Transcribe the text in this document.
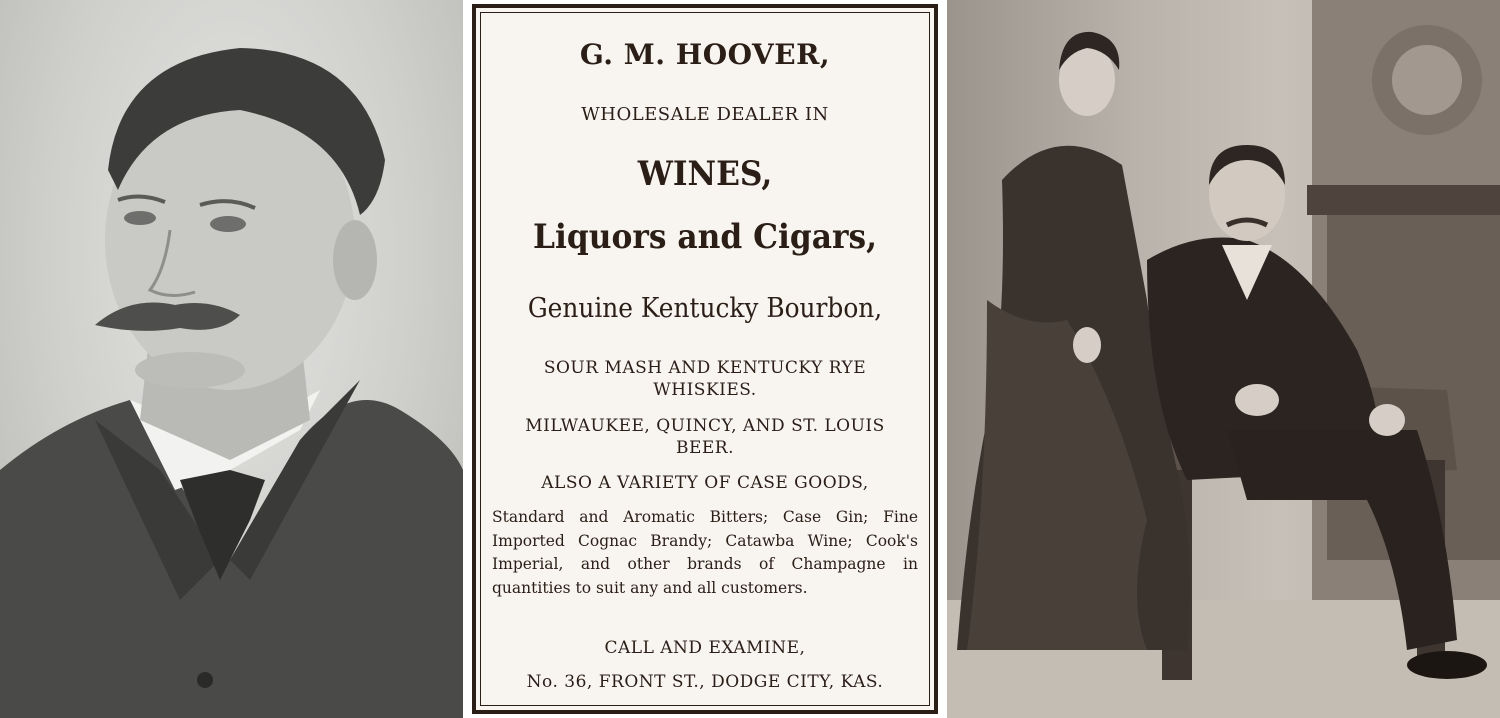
G. M. HOOVER,
WHOLESALE DEALER IN
WINES,
Liquors and Cigars,
Genuine Kentucky Bourbon,
SOUR MASH AND KENTUCKY RYE
WHISKIES.
MILWAUKEE, QUINCY, AND ST. LOUIS
BEER.
ALSO A VARIETY OF CASE GOODS,
Standard and Aromatic Bitters; Case Gin; Fine Imported Cognac Brandy; Catawba Wine; Cook's Imperial, and other brands of Champagne in quantities to suit any and all customers.
CALL AND EXAMINE,
No. 36, FRONT ST., DODGE CITY, KAS.
